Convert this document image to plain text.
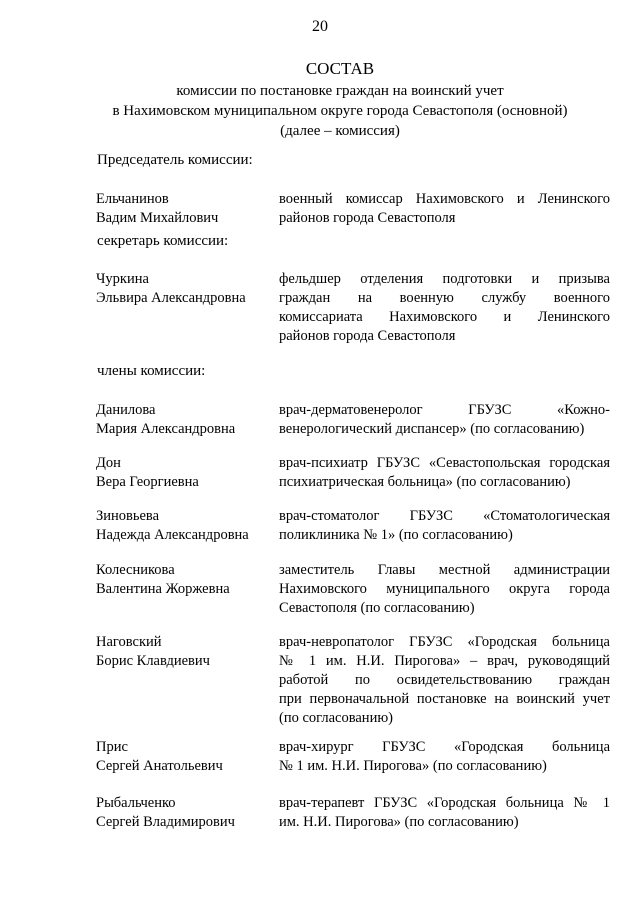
20
СОСТАВ
комиссии по постановке граждан на воинский учет
в Нахимовском муниципальном округе города Севастополя (основной)
(далее – комиссия)
Председатель комиссии:
секретарь комиссии:
члены комиссии:
Ельчанинов
Вадим Михайлович
военный комиссар Нахимовского и Ленинского
районов города Севастополя
Чуркина
Эльвира Александровна
фельдшер отделения подготовки и призыва
граждан на военную службу военного
комиссариата Нахимовского и Ленинского
районов города Севастополя
Данилова
Мария Александровна
врач-дерматовенеролог ГБУЗС «Кожно-
венерологический диспансер» (по согласованию)
Дон
Вера Георгиевна
врач-психиатр ГБУЗС «Севастопольская городская
психиатрическая больница» (по согласованию)
Зиновьева
Надежда Александровна
врач-стоматолог ГБУЗС «Стоматологическая
поликлиника № 1» (по согласованию)
Колесникова
Валентина Жоржевна
заместитель Главы местной администрации
Нахимовского муниципального округа города
Севастополя (по согласованию)
Наговский
Борис Клавдиевич
врач-невропатолог ГБУЗС «Городская больница
№ 1 им. Н.И. Пирогова» – врач, руководящий
работой по освидетельствованию граждан
при первоначальной постановке на воинский учет
(по согласованию)
Прис
Сергей Анатольевич
врач-хирург ГБУЗС «Городская больница
№ 1 им. Н.И. Пирогова» (по согласованию)
Рыбальченко
Сергей Владимирович
врач-терапевт ГБУЗС «Городская больница № 1
им. Н.И. Пирогова» (по согласованию)
